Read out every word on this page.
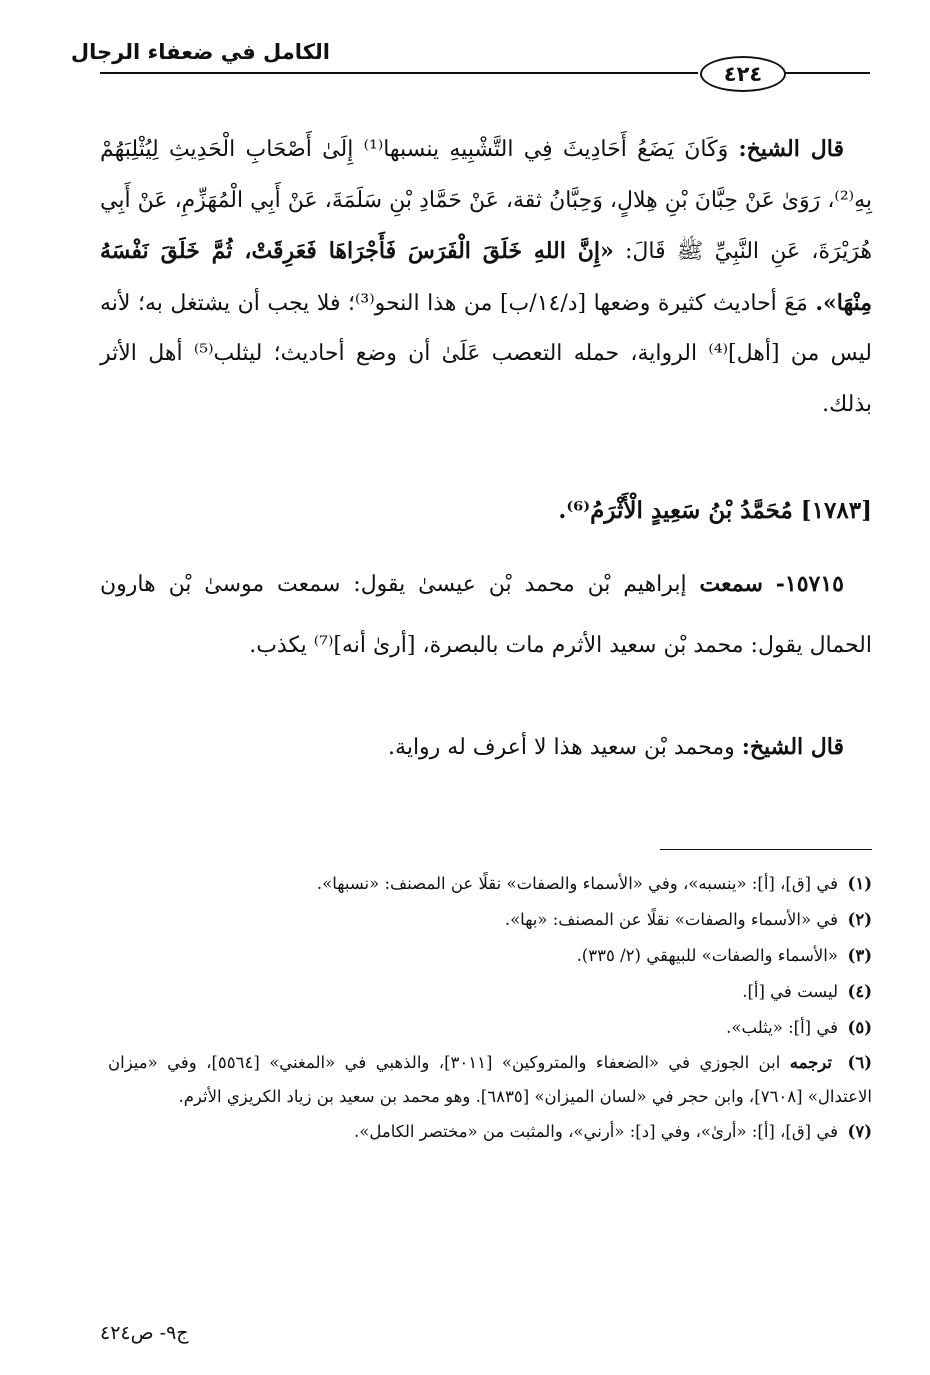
الكامل في ضعفاء الرجال
٤٢٤

قال الشيخ: وَكَانَ يَضَعُ أَحَادِيثَ فِي التَّشْبِيهِ ينسبها⁽¹⁾ إِلَىٰ أَصْحَابِ الْحَدِيثِ لِيُثْلِبَهُمْ بِهِ⁽²⁾، رَوَىٰ عَنْ حِبَّانَ بْنِ هِلالٍ، وَحِبَّانُ ثقة، عَنْ حَمَّادِ بْنِ سَلَمَةَ، عَنْ أَبِي الْمُهَزِّمِ، عَنْ أَبِي هُرَيْرَةَ، عَنِ النَّبِيِّ ﷺ قَالَ: «إِنَّ اللهِ خَلَقَ الْفَرَسَ فَأَجْرَاهَا فَعَرِقَتْ، ثُمَّ خَلَقَ نَفْسَهُ مِنْهَا». مَعَ أحاديث كثيرة وضعها [د/١٤/ب] من هذا النحو⁽³⁾؛ فلا يجب أن يشتغل به؛ لأنه ليس من [أهل]⁽⁴⁾ الرواية، حمله التعصب عَلَىٰ أن وضع أحاديث؛ ليثلب⁽⁵⁾ أهل الأثر بذلك.

[١٧٨٣] مُحَمَّدُ بْنُ سَعِيدٍ الْأَثْرَمُ⁽⁶⁾.

١٥٧١٥- سمعت إبراهيم بْن محمد بْن عيسىٰ يقول: سمعت موسىٰ بْن هارون الحمال يقول: محمد بْن سعيد الأثرم مات بالبصرة، [أرىٰ أنه]⁽⁷⁾ يكذب.

قال الشيخ: ومحمد بْن سعيد هذا لا أعرف له رواية.

(١)في [ق]، [أ]: «ينسبه»، وفي «الأسماء والصفات» نقلًا عن المصنف: «نسبها».
(٢)في «الأسماء والصفات» نقلًا عن المصنف: «بها».
(٣)«الأسماء والصفات» للبيهقي (٢/ ٣٣٥).
(٤)ليست في [أ].
(٥)في [أ]: «يثلب».
(٦)ترجمه ابن الجوزي في «الضعفاء والمتروكين» [٣٠١١]، والذهبي في «المغني» [٥٥٦٤]، وفي «ميزان الاعتدال» [٧٦٠٨]، وابن حجر في «لسان الميزان» [٦٨٣٥]. وهو محمد بن سعيد بن زياد الكريزي الأثرم.
(٧)في [ق]، [أ]: «أرىٰ»، وفي [د]: «أرني»، والمثبت من «مختصر الكامل».
ج٩- ص٤٢٤
